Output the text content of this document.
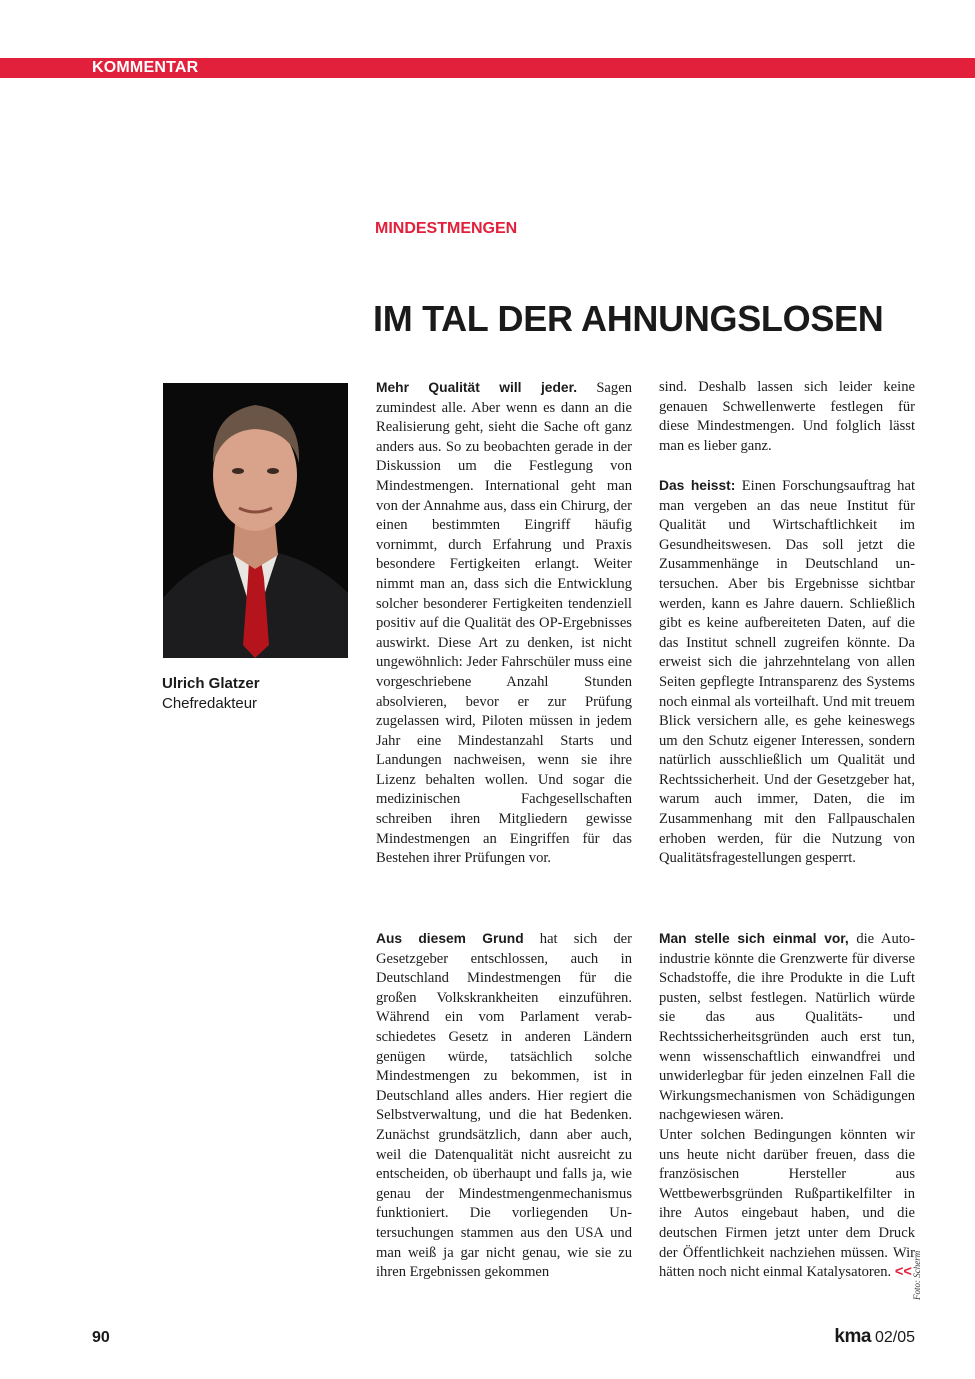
KOMMENTAR
MINDESTMENGEN
IM TAL DER AHNUNGSLOSEN
Ulrich Glatzer
Chefredakteur

Mehr Qualität will jeder. Sagen zumindest alle. Aber wenn es dann an die Realisierung geht, sieht die Sache oft ganz anders aus. So zu beobachten gerade in der Diskussion um die Festlegung von Mindestmengen. International geht man von der Annahme aus, dass ein Chirurg, der einen bestimmten Eingriff häufig vornimmt, durch Erfahrung und Praxis besondere Fertigkeiten erlangt. Weiter nimmt man an, dass sich die Entwicklung solcher besonderer Fertigkeiten tendenziell positiv auf die Qualität des OP-Ergebnisses auswirkt. Diese Art zu denken, ist nicht ungewöhnlich: Jeder Fahrschüler muss eine vorgeschriebene Anzahl Stunden absolvieren, bevor er zur Prüfung zugelassen wird, Piloten müssen in jedem Jahr eine Mindestanzahl Starts und Landungen nachweisen, wenn sie ihre Lizenz behalten wollen. Und sogar die medizinischen Fachgesellschaften schreiben ihren Mitgliedern gewisse Mindestmengen an Eingriffen für das Bestehen ihrer Prüfungen vor.

Aus diesem Grund hat sich der Gesetzgeber entschlossen, auch in Deutschland Mindestmengen für die großen Volkskrankheiten einzuführen. Während ein vom Parlament verabschiedetes Gesetz in anderen Ländern genügen würde, tatsächlich solche Mindestmengen zu bekommen, ist in Deutschland alles anders. Hier regiert die Selbstverwaltung, und die hat Bedenken. Zunächst grundsätzlich, dann aber auch, weil die Datenqualität nicht ausreicht zu entscheiden, ob überhaupt und falls ja, wie genau der Mindestmengenmechanismus funktioniert. Die vorliegenden Untersuchungen stammen aus den USA und man weiß ja gar nicht genau, wie sie zu ihren Ergebnissen gekommen

sind. Deshalb lassen sich leider keine genauen Schwellenwerte festlegen für diese Mindestmengen. Und folglich lässt man es lieber ganz.

Das heisst: Einen Forschungsauftrag hat man vergeben an das neue Institut für Qualität und Wirtschaftlichkeit im Gesundheitswesen. Das soll jetzt die Zusammenhänge in Deutschland untersuchen. Aber bis Ergebnisse sichtbar werden, kann es Jahre dauern. Schließlich gibt es keine aufbereiteten Daten, auf die das Institut schnell zugreifen könnte. Da erweist sich die jahrzehntelang von allen Seiten gepflegte Intransparenz des Systems noch einmal als vorteilhaft. Und mit treuem Blick versichern alle, es gehe keineswegs um den Schutz eigener Interessen, sondern natürlich ausschließlich um Qualität und Rechtssicherheit. Und der Gesetzgeber hat, warum auch immer, Daten, die im Zusammenhang mit den Fallpauschalen erhoben werden, für die Nutzung von Qualitätsfragestellungen gesperrt.

Man stelle sich einmal vor, die Autoindustrie könnte die Grenzwerte für diverse Schadstoffe, die ihre Produkte in die Luft pusten, selbst festlegen. Natürlich würde sie das aus Qualitäts- und Rechtssicherheitsgründen auch erst tun, wenn wissenschaftlich einwandfrei und unwiderlegbar für jeden einzelnen Fall die Wirkungsmechanismen von Schädigungen nachgewiesen wären.

Unter solchen Bedingungen könnten wir uns heute nicht darüber freuen, dass die französischen Hersteller aus Wettbewerbsgründen Rußpartikelfilter in ihre Autos eingebaut haben, und die deutschen Firmen jetzt unter dem Druck der Öffentlichkeit nachziehen müssen. Wir hätten noch nicht einmal Katalysatoren. << Foto: Scherm
90	kma 02/05
